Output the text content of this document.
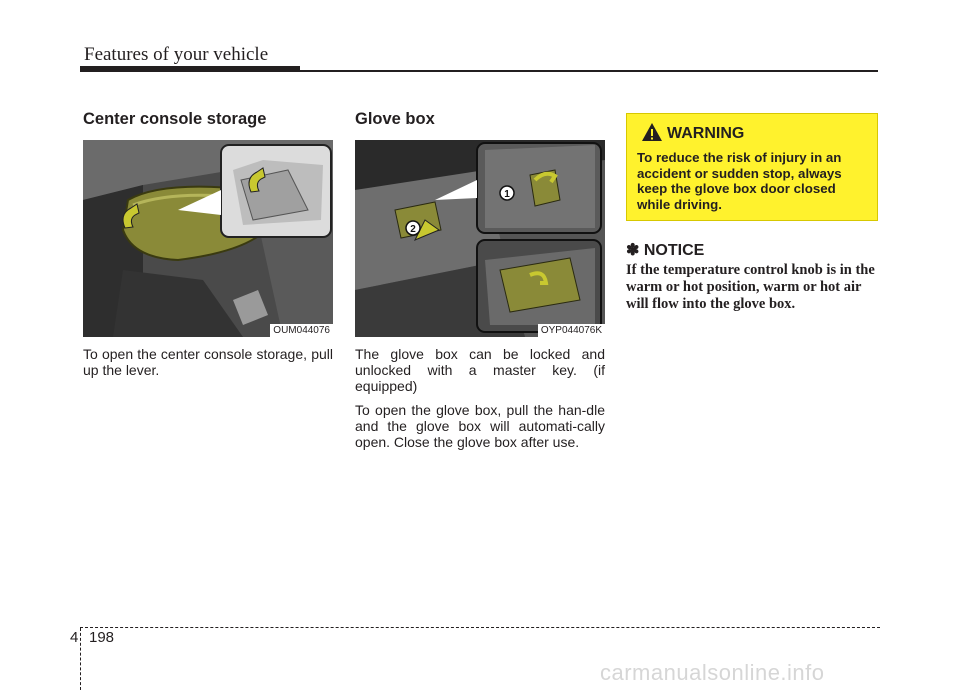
Features of your vehicle
Center console storage
OUM044076

To open the center console storage, pull up the lever.

Glove box
1
2
OYP044076K

The glove box can be locked and unlocked with a master key. (if equipped)

To open the glove box, pull the han-dle and the glove box will automati-cally open. Close the glove box after use.

WARNING
To reduce the risk of injury in an accident or sudden stop, always keep the glove box door closed while driving.
✽ NOTICE
If the temperature control knob is in the warm or hot position, warm or hot air will flow into the glove box.
4 198
carmanualsonline.info
